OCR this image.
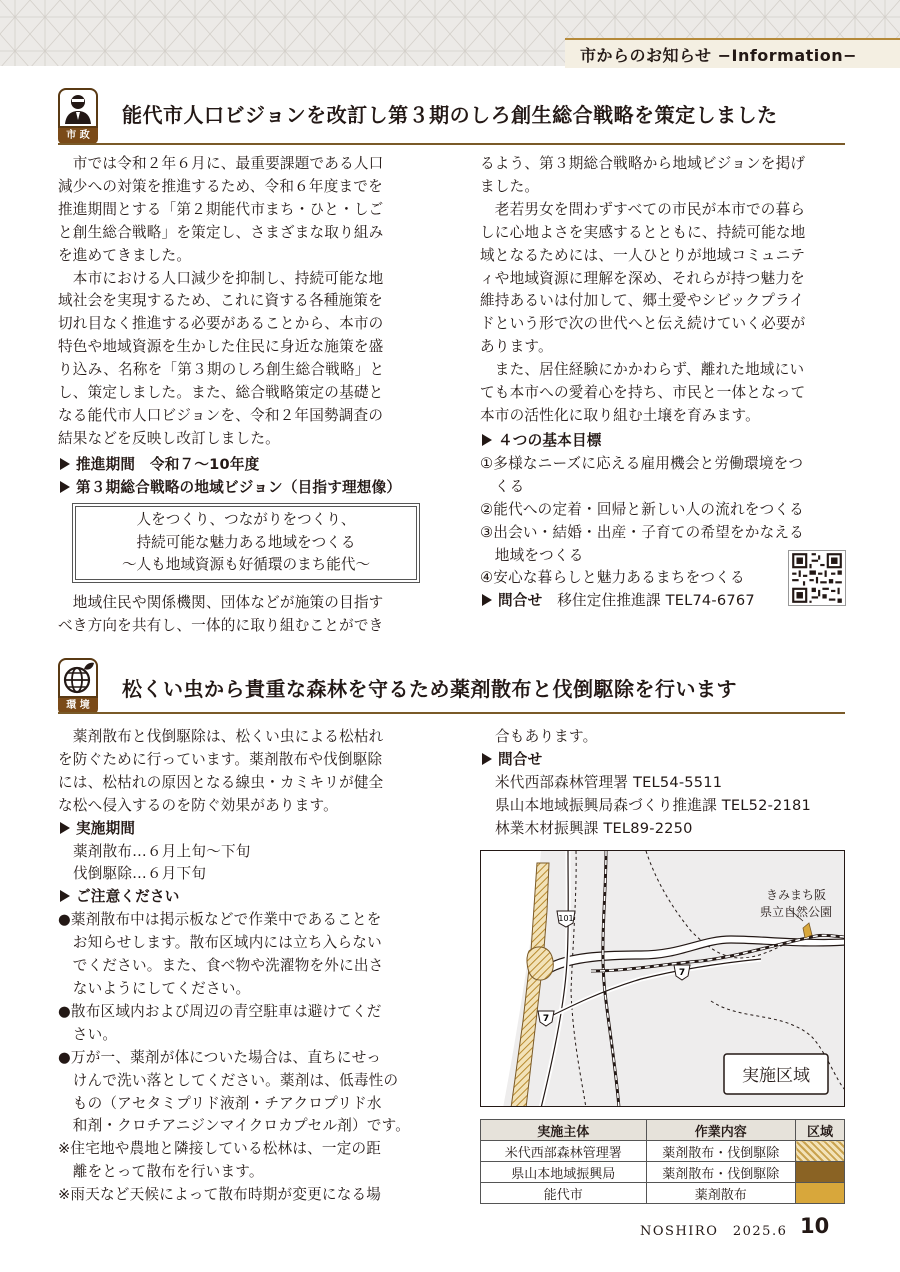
市からのお知らせ −Information−
市 政
能代市人口ビジョンを改訂し第３期のしろ創生総合戦略を策定しました

　市では令和２年６月に、最重要課題である人口

減少への対策を推進するため、令和６年度までを

推進期間とする「第２期能代市まち・ひと・しご

と創生総合戦略」を策定し、さまざまな取り組み

を進めてきました。

　本市における人口減少を抑制し、持続可能な地

域社会を実現するため、これに資する各種施策を

切れ目なく推進する必要があることから、本市の

特色や地域資源を生かした住民に身近な施策を盛

り込み、名称を「第３期のしろ創生総合戦略」と

し、策定しました。また、総合戦略策定の基礎と

なる能代市人口ビジョンを、令和２年国勢調査の

結果などを反映し改訂しました。

推進期間　令和７～10年度

第３期総合戦略の地域ビジョン（目指す理想像）

人をつくり、つながりをつくり、

持続可能な魅力ある地域をつくる

～人も地域資源も好循環のまち能代～

　地域住民や関係機関、団体などが施策の目指す

べき方向を共有し、一体的に取り組むことができ

るよう、第３期総合戦略から地域ビジョンを掲げ

ました。

　老若男女を問わずすべての市民が本市での暮ら

しに心地よさを実感するとともに、持続可能な地

域となるためには、一人ひとりが地域コミュニテ

ィや地域資源に理解を深め、それらが持つ魅力を

維持あるいは付加して、郷土愛やシビックプライ

ドという形で次の世代へと伝え続けていく必要が

あります。

　また、居住経験にかかわらず、離れた地域にい

ても本市への愛着心を持ち、市民と一体となって

本市の活性化に取り組む土壌を育みます。

４つの基本目標

①多様なニーズに応える雇用機会と労働環境をつ

　くる

②能代への定着・回帰と新しい人の流れをつくる

③出会い・結婚・出産・子育ての希望をかなえる

　地域をつくる

④安心な暮らしと魅力あるまちをつくる

問合せ　 移住定住推進課 TEL74-6767

環 境
松くい虫から貴重な森林を守るため薬剤散布と伐倒駆除を行います

　薬剤散布と伐倒駆除は、松くい虫による松枯れ

を防ぐために行っています。薬剤散布や伐倒駆除

には、松枯れの原因となる線虫・カミキリが健全

な松へ侵入するのを防ぐ効果があります。

実施期間

薬剤散布…６月上旬～下旬

伐倒駆除…６月下旬

ご注意ください

●薬剤散布中は掲示板などで作業中であることを

　お知らせします。散布区域内には立ち入らない

　でください。また、食べ物や洗濯物を外に出さ

　ないようにしてください。

●散布区域内および周辺の青空駐車は避けてくだ

　さい。

●万が一、薬剤が体についた場合は、直ちにせっ

　けんで洗い落としてください。薬剤は、低毒性の

　もの（アセタミプリド液剤・チアクロプリド水

　和剤・クロチアニジンマイクロカプセル剤）です。

※住宅地や農地と隣接している松林は、一定の距

　離をとって散布を行います。

※雨天など天候によって散布時期が変更になる場

合もあります。

問合せ

米代西部森林管理署 TEL54-5511

県山本地域振興局森づくり推進課 TEL52-2181

林業木材振興課 TEL89-2250

101
7
7
きみまち阪
県立自然公園
実施区域
実施主体	作業内容	区域
米代西部森林管理署	薬剤散布・伐倒駆除	
県山本地域振興局	薬剤散布・伐倒駆除	
能代市	薬剤散布	
NOSHIRO　2025.6 10
